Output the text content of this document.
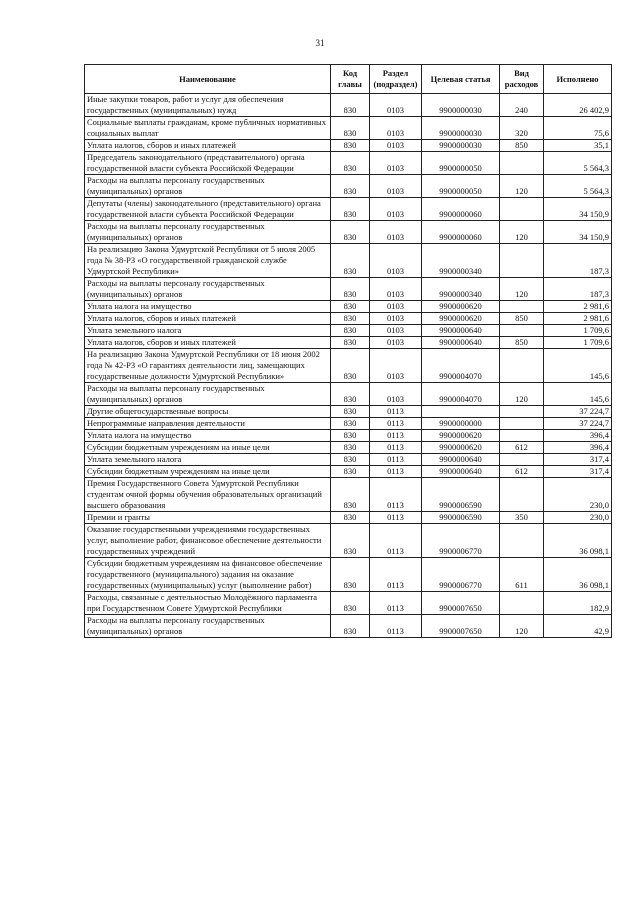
31
Наименование	Код главы	Раздел (подраздел)	Целевая статья	Вид расходов	Исполнено
Иные закупки товаров, работ и услуг для обеспечения государственных (муниципальных) нужд	830	0103	9900000030	240	26 402,9
Социальные выплаты гражданам, кроме публичных нормативных социальных выплат	830	0103	9900000030	320	75,6
Уплата налогов, сборов и иных платежей	830	0103	9900000030	850	35,1
Председатель законодательного (представительного) органа государственной власти субъекта Российской Федерации	830	0103	9900000050		5 564,3
Расходы на выплаты персоналу государственных (муниципальных) органов	830	0103	9900000050	120	5 564,3
Депутаты (члены) законодательного (представительного) органа государственной власти субъекта Российской Федерации	830	0103	9900000060		34 150,9
Расходы на выплаты персоналу государственных (муниципальных) органов	830	0103	9900000060	120	34 150,9
На реализацию Закона Удмуртской Республики от 5 июля 2005 года № 38-РЗ «О государственной гражданской службе Удмуртской Республики»	830	0103	9900000340		187,3
Расходы на выплаты персоналу государственных (муниципальных) органов	830	0103	9900000340	120	187,3
Уплата налога на имущество	830	0103	9900000620		2 981,6
Уплата налогов, сборов и иных платежей	830	0103	9900000620	850	2 981,6
Уплата земельного налога	830	0103	9900000640		1 709,6
Уплата налогов, сборов и иных платежей	830	0103	9900000640	850	1 709,6
На реализацию Закона Удмуртской Республики от 18 июня 2002 года № 42-РЗ «О гарантиях деятельности лиц, замещающих государственные должности Удмуртской Республики»	830	0103	9900004070		145,6
Расходы на выплаты персоналу государственных (муниципальных) органов	830	0103	9900004070	120	145,6
Другие общегосударственные вопросы	830	0113			37 224,7
Непрограммные направления деятельности	830	0113	9900000000		37 224,7
Уплата налога на имущество	830	0113	9900000620		396,4
Субсидии бюджетным учреждениям на иные цели	830	0113	9900000620	612	396,4
Уплата земельного налога	830	0113	9900000640		317,4
Субсидии бюджетным учреждениям на иные цели	830	0113	9900000640	612	317,4
Премия Государственного Совета Удмуртской Республики студентам очной формы обучения образовательных организаций высшего образования	830	0113	9900006590		230,0
Премии и гранты	830	0113	9900006590	350	230,0
Оказание государственными учреждениями государственных услуг, выполнение работ, финансовое обеспечение деятельности государственных учреждений	830	0113	9900006770		36 098,1
Субсидии бюджетным учреждениям на финансовое обеспечение государственного (муниципального) задания на оказание государственных (муниципальных) услуг (выполнение работ)	830	0113	9900006770	611	36 098,1
Расходы, связанные с деятельностью Молодёжного парламента при Государственном Совете Удмуртской Республики	830	0113	9900007650		182,9
Расходы на выплаты персоналу государственных (муниципальных) органов	830	0113	9900007650	120	42,9
